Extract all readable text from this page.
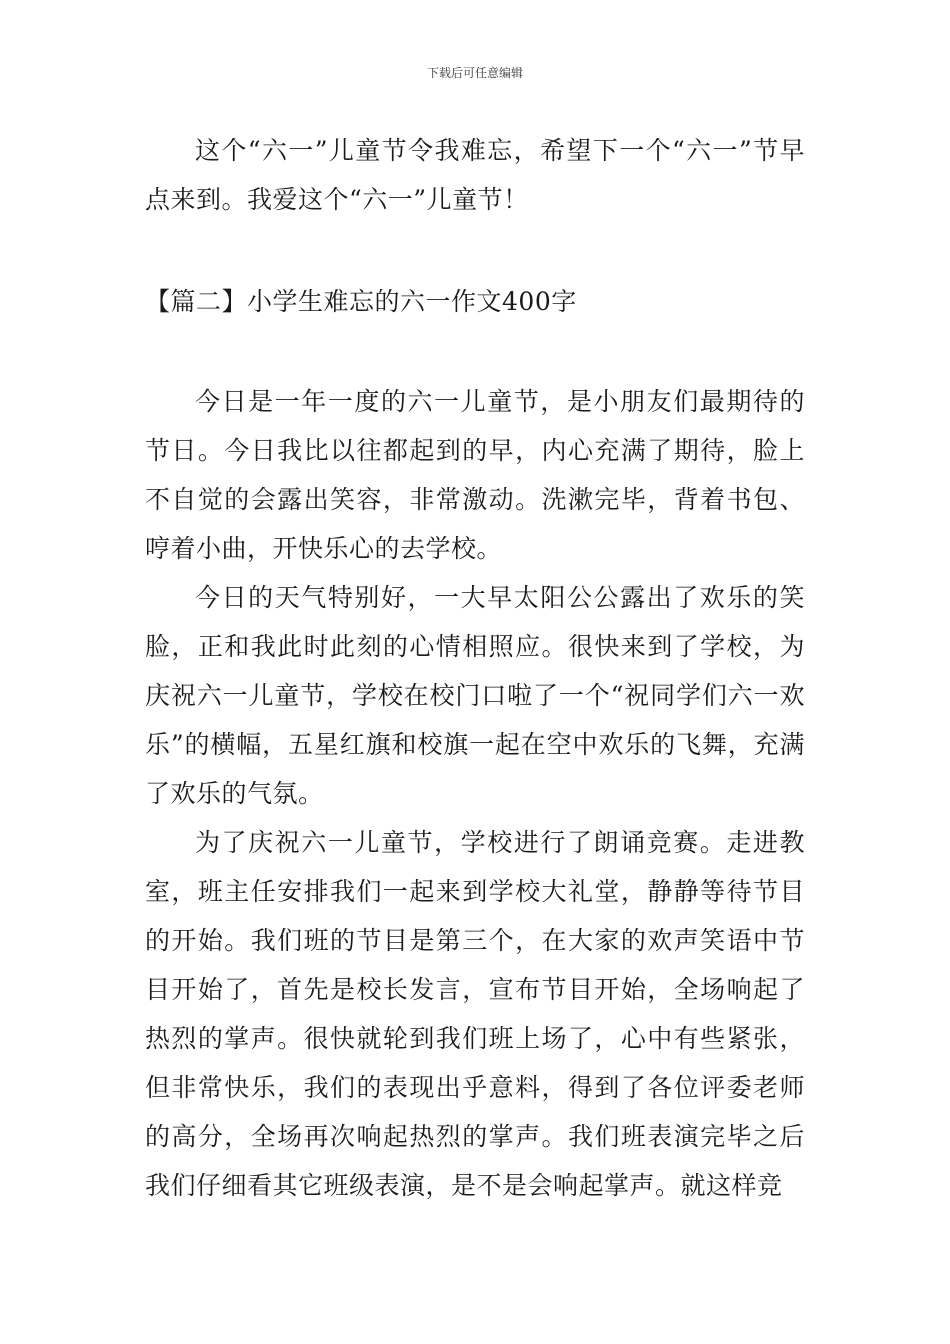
下载后可任意编辑

这个“六一”儿童节令我难忘，希望下一个“六一”节早点来到。我爱这个“六一”儿童节！

【篇二】小学生难忘的六一作文400字

今日是一年一度的六一儿童节，是小朋友们最期待的节日。今日我比以往都起到的早，内心充满了期待，脸上不自觉的会露出笑容，非常激动。洗漱完毕，背着书包、哼着小曲，开快乐心的去学校。

今日的天气特别好，一大早太阳公公露出了欢乐的笑脸，正和我此时此刻的心情相照应。很快来到了学校，为庆祝六一儿童节，学校在校门口啦了一个“祝同学们六一欢乐”的横幅，五星红旗和校旗一起在空中欢乐的飞舞，充满了欢乐的气氛。

为了庆祝六一儿童节，学校进行了朗诵竞赛。走进教室，班主任安排我们一起来到学校大礼堂，静静等待节目的开始。我们班的节目是第三个，在大家的欢声笑语中节目开始了，首先是校长发言，宣布节目开始，全场响起了热烈的掌声。很快就轮到我们班上场了，心中有些紧张，但非常快乐，我们的表现出乎意料，得到了各位评委老师的高分，全场再次响起热烈的掌声。我们班表演完毕之后我们仔细看其它班级表演，是不是会响起掌声。就这样竞
